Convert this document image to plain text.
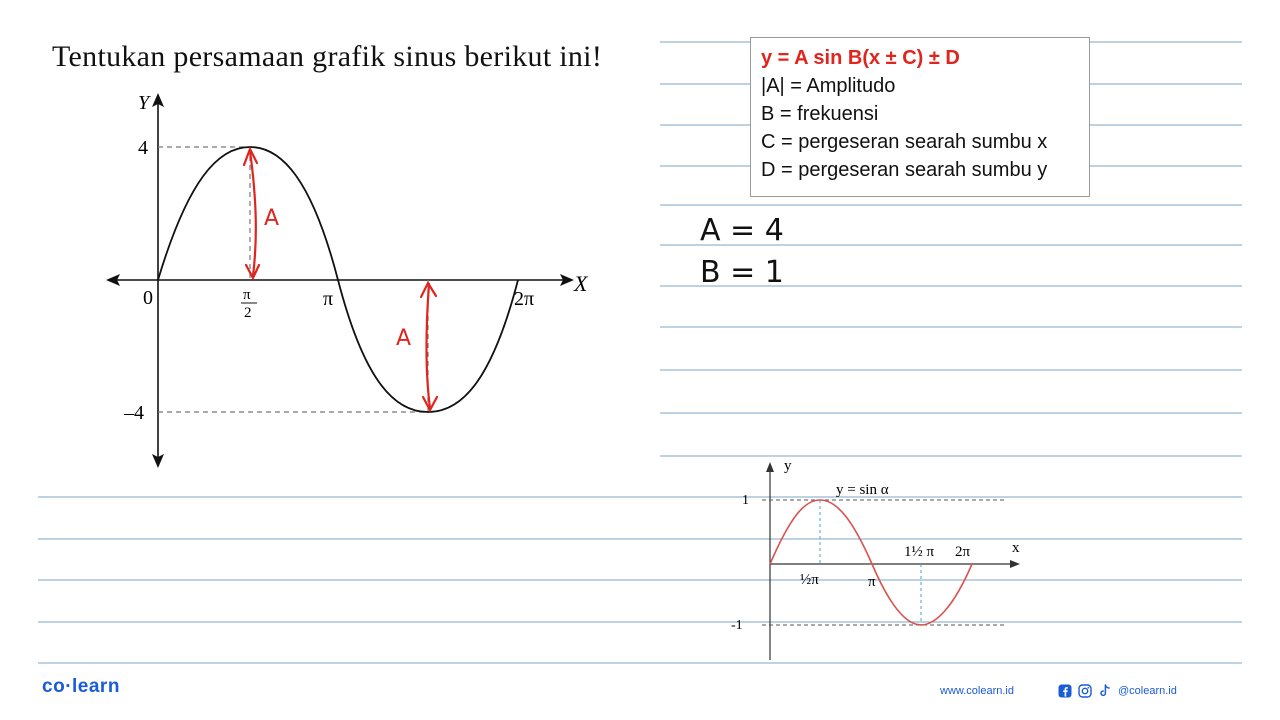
Tentukan persamaan grafik sinus berikut ini!
Y
X
4
–4
0	π
2
π	2π
A
A
y = A sin B(x ± C) ± D
|A| = Amplitudo
B = frekuensi
C = pergeseran searah sumbu x
D = pergeseran searah sumbu y
A = 4
B = 1
y
x
y = sin α
1
-1
½π	π
1½ π 2π
co·learn	www.colearn.id	@colearn.id
